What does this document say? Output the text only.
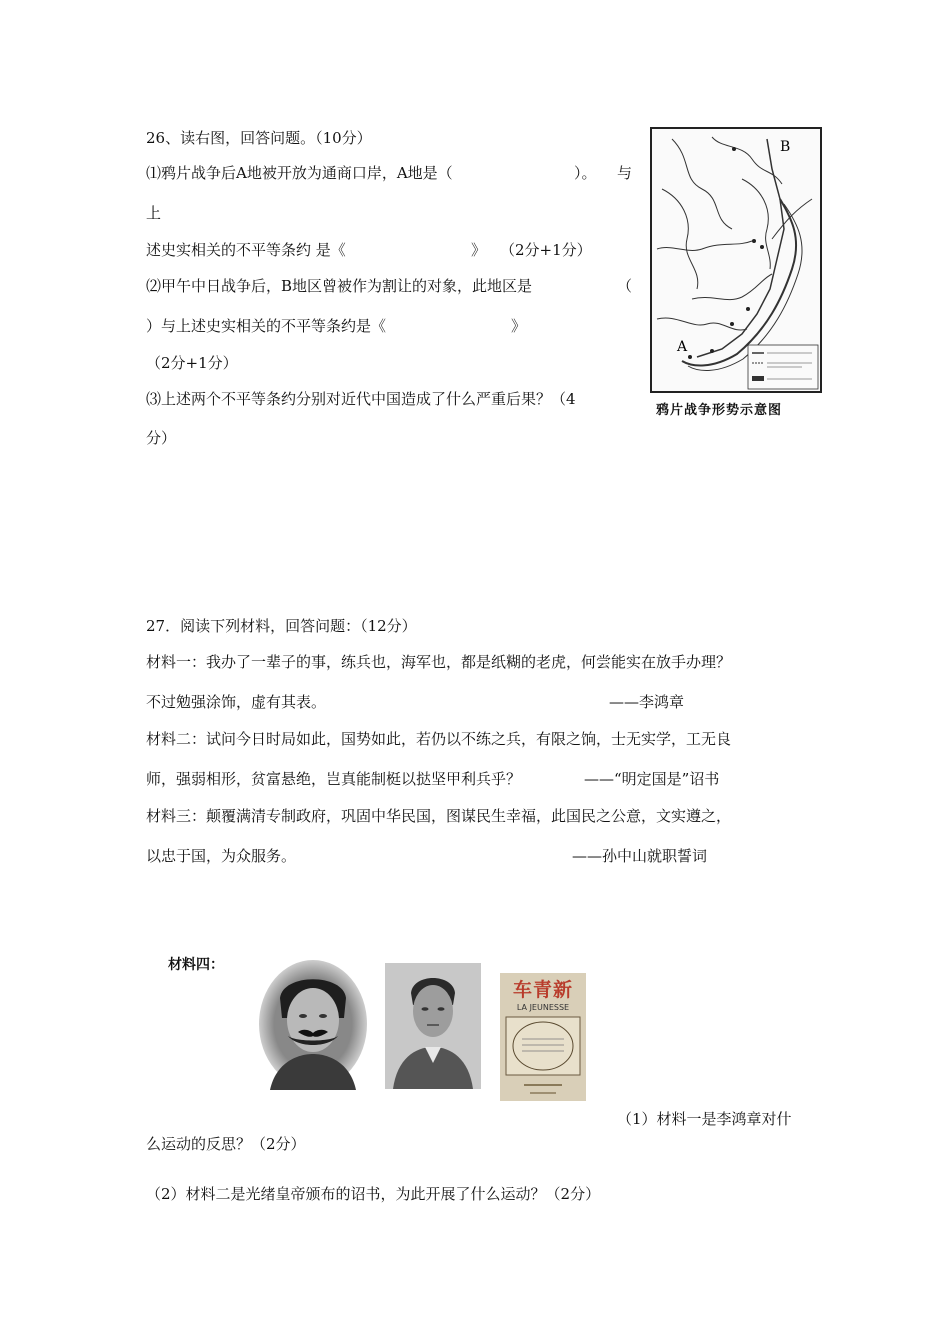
26、读右图，回答问题。（10分）
⑴鸦片战争后A地被开放为通商口岸，A地是（	）。 与
上
述史实相关的不平等条约 是《	》 （2分+1分）
⑵甲午中日战争后，B地区曾被作为割让的对象，此地区是	（
）与上述史实相关的不平等条约是《	》
（2分+1分）
⑶上述两个不平等条约分别对近代中国造成了什么严重后果？（4
分）
A
B
鸦片战争形势示意图
27．阅读下列材料，回答问题：（12分）
材料一：我办了一辈子的事，练兵也，海军也，都是纸糊的老虎，何尝能实在放手办理？
不过勉强涂饰，虚有其表。	——李鸿章
材料二：试问今日时局如此，国势如此，若仍以不练之兵，有限之饷，士无实学，工无良
师，强弱相形，贫富悬绝，岂真能制梃以挞坚甲利兵乎？	——“明定国是”诏书
材料三：颠覆满清专制政府，巩固中华民国，图谋民生幸福，此国民之公意，文实遵之，
以忠于国，为众服务。	——孙中山就职誓词
材料四：
车青新
LA JEUNESSE
（1）材料一是李鸿章对什
么运动的反思？（2分）
（2）材料二是光绪皇帝颁布的诏书，为此开展了什么运动？（2分）
